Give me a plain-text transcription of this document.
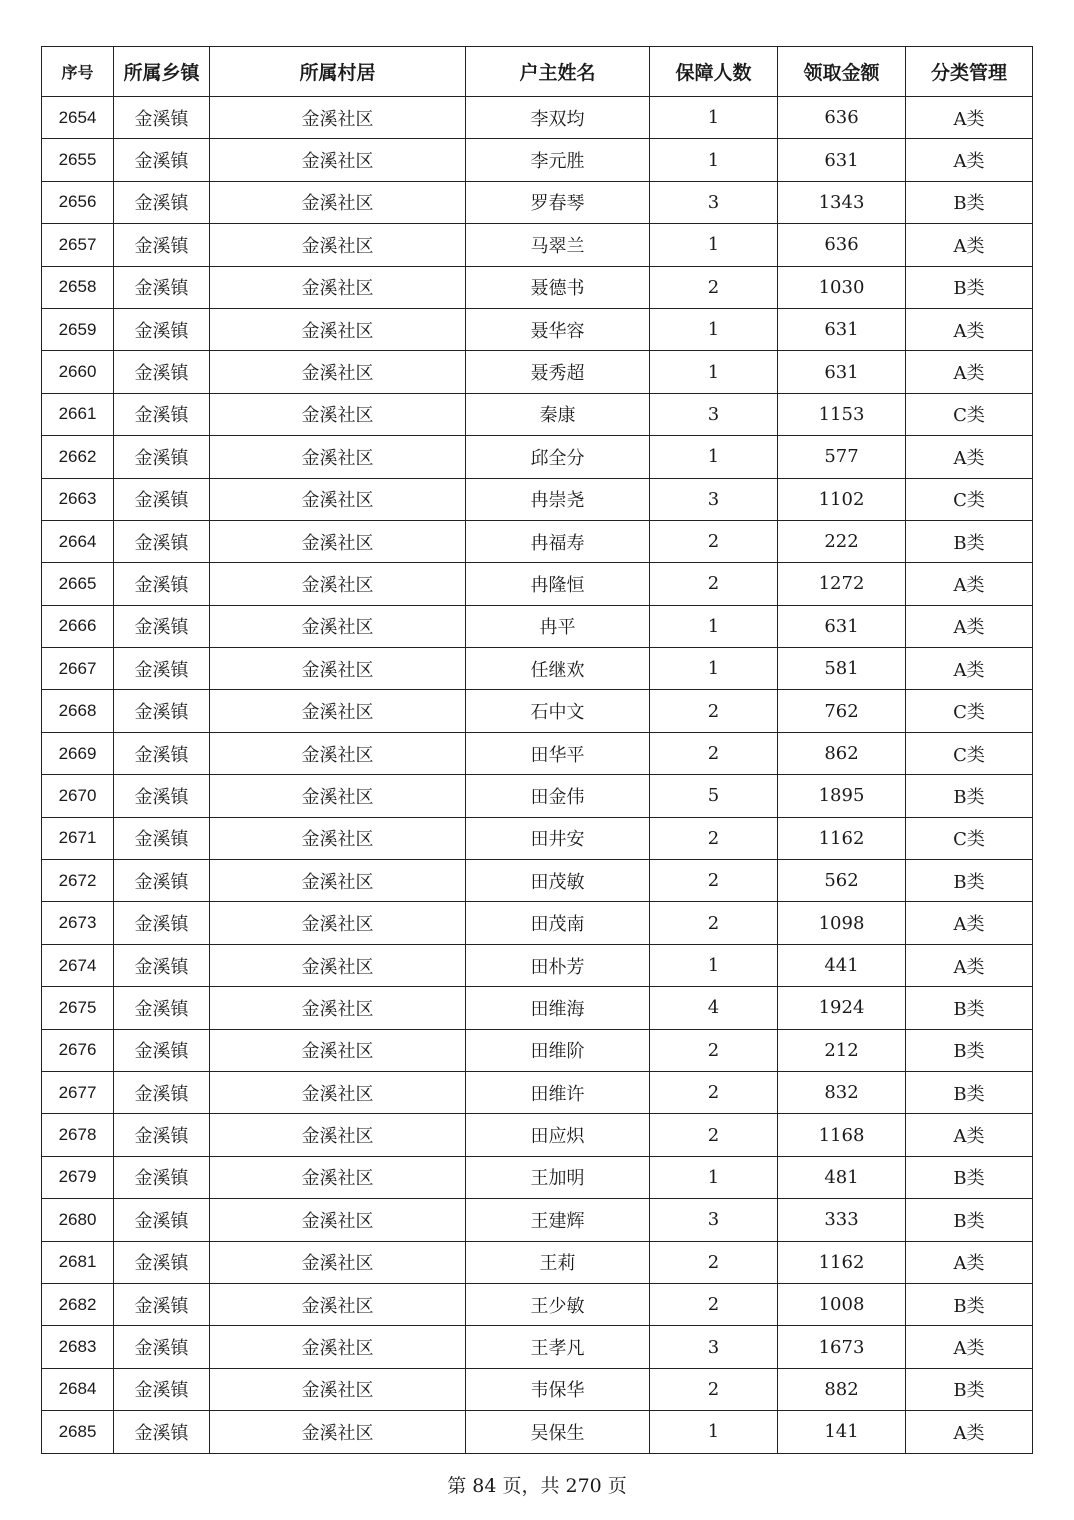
序号	所属乡镇	所属村居	户主姓名	保障人数	领取金额	分类管理
2654	金溪镇	金溪社区	李双均	1	636	A类
2655	金溪镇	金溪社区	李元胜	1	631	A类
2656	金溪镇	金溪社区	罗春琴	3	1343	B类
2657	金溪镇	金溪社区	马翠兰	1	636	A类
2658	金溪镇	金溪社区	聂德书	2	1030	B类
2659	金溪镇	金溪社区	聂华容	1	631	A类
2660	金溪镇	金溪社区	聂秀超	1	631	A类
2661	金溪镇	金溪社区	秦康	3	1153	C类
2662	金溪镇	金溪社区	邱全分	1	577	A类
2663	金溪镇	金溪社区	冉崇尧	3	1102	C类
2664	金溪镇	金溪社区	冉福寿	2	222	B类
2665	金溪镇	金溪社区	冉隆恒	2	1272	A类
2666	金溪镇	金溪社区	冉平	1	631	A类
2667	金溪镇	金溪社区	任继欢	1	581	A类
2668	金溪镇	金溪社区	石中文	2	762	C类
2669	金溪镇	金溪社区	田华平	2	862	C类
2670	金溪镇	金溪社区	田金伟	5	1895	B类
2671	金溪镇	金溪社区	田井安	2	1162	C类
2672	金溪镇	金溪社区	田茂敏	2	562	B类
2673	金溪镇	金溪社区	田茂南	2	1098	A类
2674	金溪镇	金溪社区	田朴芳	1	441	A类
2675	金溪镇	金溪社区	田维海	4	1924	B类
2676	金溪镇	金溪社区	田维阶	2	212	B类
2677	金溪镇	金溪社区	田维许	2	832	B类
2678	金溪镇	金溪社区	田应炽	2	1168	A类
2679	金溪镇	金溪社区	王加明	1	481	B类
2680	金溪镇	金溪社区	王建辉	3	333	B类
2681	金溪镇	金溪社区	王莉	2	1162	A类
2682	金溪镇	金溪社区	王少敏	2	1008	B类
2683	金溪镇	金溪社区	王孝凡	3	1673	A类
2684	金溪镇	金溪社区	韦保华	2	882	B类
2685	金溪镇	金溪社区	吴保生	1	141	A类
第 84 页，共 270 页
